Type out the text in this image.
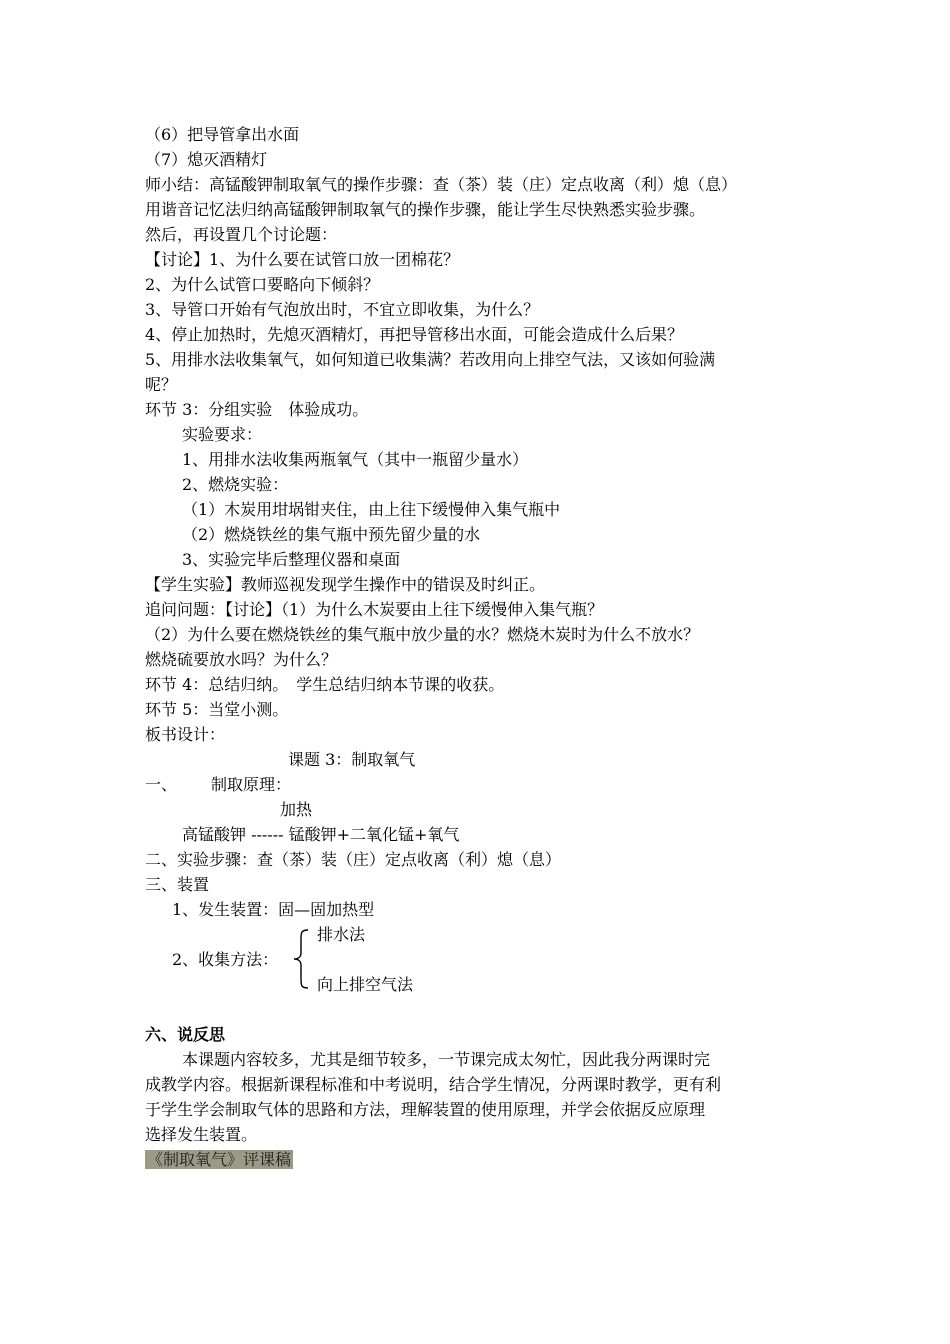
（6）把导管拿出水面
（7）熄灭酒精灯
师小结：高锰酸钾制取氧气的操作步骤：查（茶）装（庄）定点收离（利）熄（息）
用谐音记忆法归纳高锰酸钾制取氧气的操作步骤，能让学生尽快熟悉实验步骤。
然后，再设置几个讨论题：
【讨论】1、为什么要在试管口放一团棉花？
2、为什么试管口要略向下倾斜？
3、导管口开始有气泡放出时，不宜立即收集，为什么？
4、停止加热时，先熄灭酒精灯，再把导管移出水面，可能会造成什么后果？
5、用排水法收集氧气，如何知道已收集满？若改用向上排空气法，又该如何验满
呢？
环节 3：分组实验　体验成功。
实验要求：
1、用排水法收集两瓶氧气（其中一瓶留少量水）
2、燃烧实验：
（1）木炭用坩埚钳夹住，由上往下缓慢伸入集气瓶中
（2）燃烧铁丝的集气瓶中预先留少量的水
3、实验完毕后整理仪器和桌面
【学生实验】教师巡视发现学生操作中的错误及时纠正。
追问问题：【讨论】（1）为什么木炭要由上往下缓慢伸入集气瓶？
（2）为什么要在燃烧铁丝的集气瓶中放少量的水？燃烧木炭时为什么不放水？
燃烧硫要放水吗？为什么？
环节 4：总结归纳。　学生总结归纳本节课的收获。
环节 5：当堂小测。
板书设计：
课题 3：制取氧气
一、 制取原理：
加热
高锰酸钾 ------ 锰酸钾+二氧化锰+氧气
二、实验步骤：查（茶）装（庄）定点收离（利）熄（息）
三、装置
1、发生装置：固—固加热型
排水法
2、收集方法：
向上排空气法
六、说反思
本课题内容较多，尤其是细节较多，一节课完成太匆忙，因此我分两课时完
成教学内容。根据新课程标准和中考说明，结合学生情况，分两课时教学，更有利
于学生学会制取气体的思路和方法，理解装置的使用原理，并学会依据反应原理
选择发生装置。
《制取氧气》评课稿
